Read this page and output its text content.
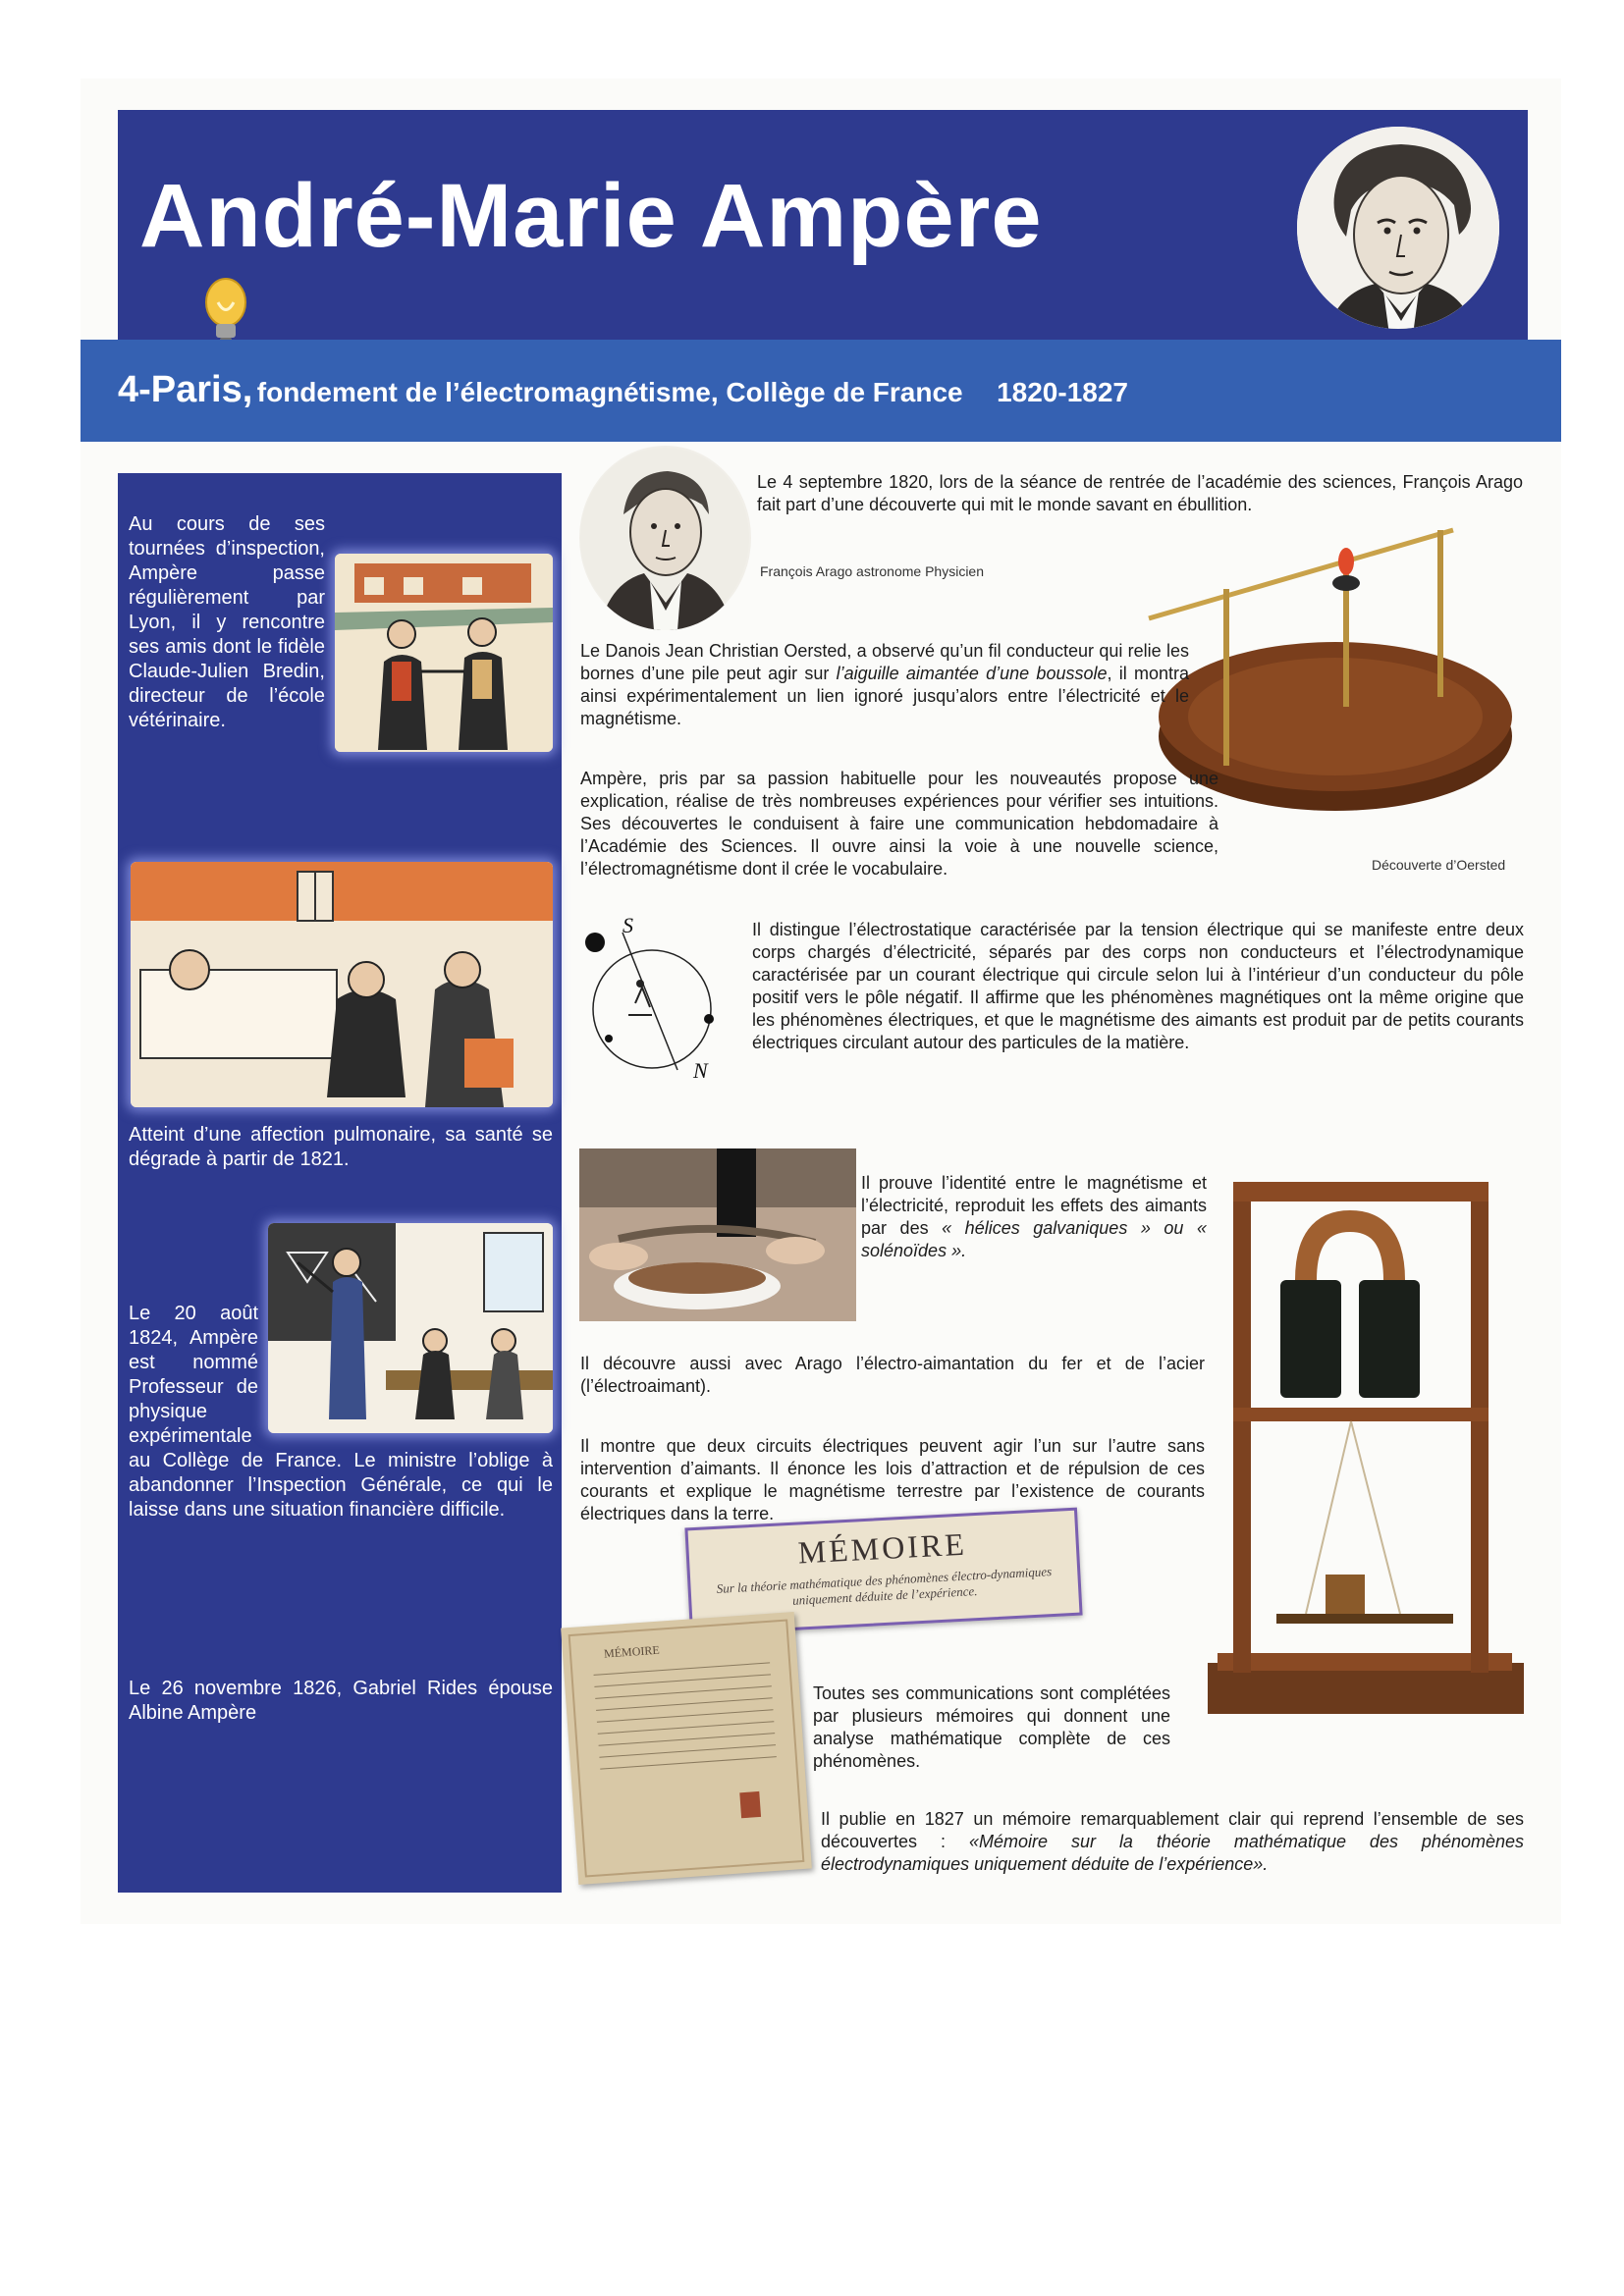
André-Marie Ampère
4-Paris, fondement de l’électromagnétisme, Collège de France 1820-1827
Au cours de ses tournées d’inspection, Ampère passe régulièrement par Lyon, il y rencontre ses amis dont le fidèle Claude-Julien Bredin, directeur de l’école vétérinaire.
Atteint d’une affection pulmonaire, sa santé se dégrade à partir de 1821.
Le 20 août 1824, Ampère est nommé Professeur de physique expérimentale au Collège de France. Le ministre l’oblige à abandonner l’Inspection Générale, ce qui le laisse dans une situation financière difficile.
Le 26 novembre 1826, Gabriel Rides épouse Albine Ampère
Le 4 septembre 1820, lors de la séance de rentrée de l’académie des sciences, François Arago fait part d’une découverte qui mit le monde savant en ébullition.
François Arago astronome Physicien
Le Danois Jean Christian Oersted, a observé qu’un fil conducteur qui relie les bornes d’une pile peut agir sur l’aiguille aimantée d’une boussole, il montra ainsi expérimentalement un lien ignoré jusqu’alors entre l’électricité et le magnétisme.
Ampère, pris par sa passion habituelle pour les nouveautés propose une explication, réalise de très nombreuses expériences pour vérifier ses intuitions. Ses découvertes le conduisent à faire une communication hebdomadaire à l’Académie des Sciences. Il ouvre ainsi la voie à une nouvelle science, l’électromagnétisme dont il crée le vocabulaire.	Découverte d’Oersted
S
N
Il distingue l’électrostatique caractérisée par la tension électrique qui se manifeste entre deux corps chargés d’électricité, séparés par des corps non conducteurs et l’électrodynamique caractérisée par un courant électrique qui circule selon lui à l’intérieur d’un conducteur du pôle positif vers le pôle négatif. Il affirme que les phénomènes magnétiques ont la même origine que les phénomènes électriques, et que le magnétisme des aimants est produit par de petits courants électriques circulant autour des particules de la matière.
Il prouve l’identité entre le magnétisme et l’électricité, reproduit les effets des aimants par des « hélices galvaniques » ou « solénoïdes ».
Il découvre aussi avec Arago l’électro-aimantation du fer et de l’acier (l’électroaimant).
Il montre que deux circuits électriques peuvent agir l’un sur l’autre sans intervention d’aimants. Il énonce les lois d’attraction et de répulsion de ces courants et explique le magnétisme terrestre par l’existence de courants électriques dans la terre.
MÉMOIRE
Sur la théorie mathématique des phénomènes électro-dynamiques uniquement déduite de l’expérience.
MÉMOIRE
Toutes ses communications sont complétées par plusieurs mémoires qui donnent une analyse mathématique complète de ces phénomènes.
Il publie en 1827 un mémoire remarquablement clair qui reprend l’ensemble de ses découvertes : «Mémoire sur la théorie mathématique des phénomènes électrodynamiques uniquement déduite de l’expérience».
